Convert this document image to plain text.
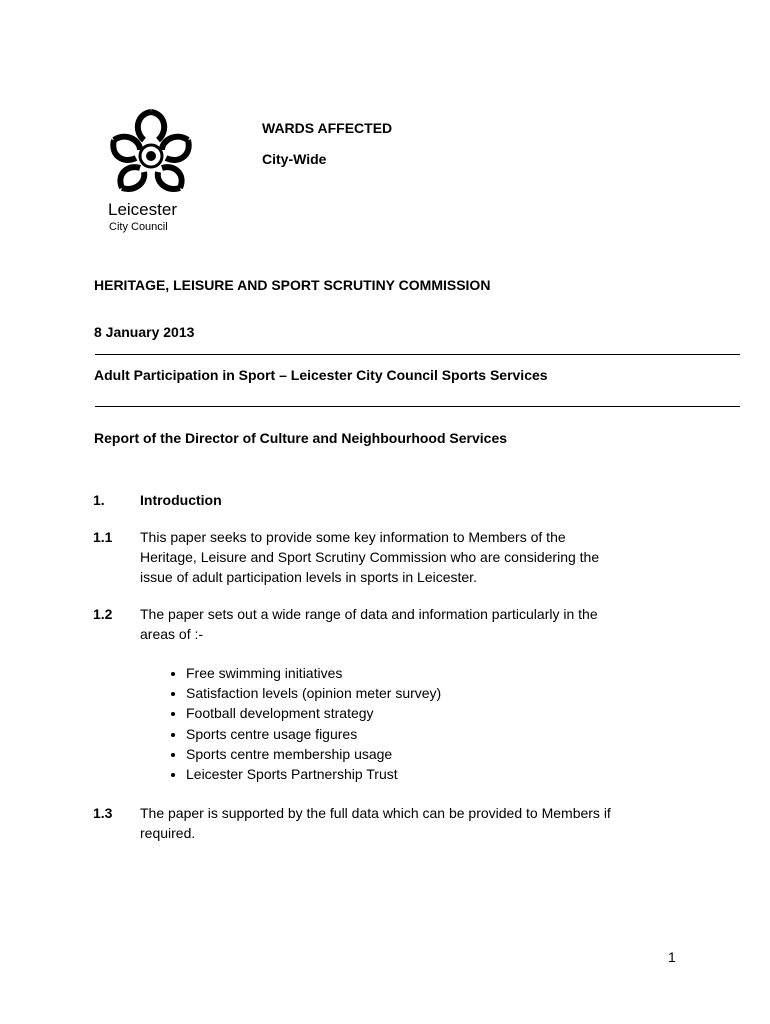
Leicester
City Council
WARDS AFFECTED
City-Wide
HERITAGE, LEISURE AND SPORT SCRUTINY COMMISSION
8 January 2013
Adult Participation in Sport – Leicester City Council Sports Services
Report of the Director of Culture and Neighbourhood Services
1.	Introduction
1.1	This paper seeks to provide some key information to Members of the
Heritage, Leisure and Sport Scrutiny Commission who are considering the
issue of adult participation levels in sports in Leicester.
1.2	The paper sets out a wide range of data and information particularly in the
areas of :-
• Free swimming initiatives
• Satisfaction levels (opinion meter survey)
• Football development strategy
• Sports centre usage figures
• Sports centre membership usage
• Leicester Sports Partnership Trust
1.3	The paper is supported by the full data which can be provided to Members if
required.
1
